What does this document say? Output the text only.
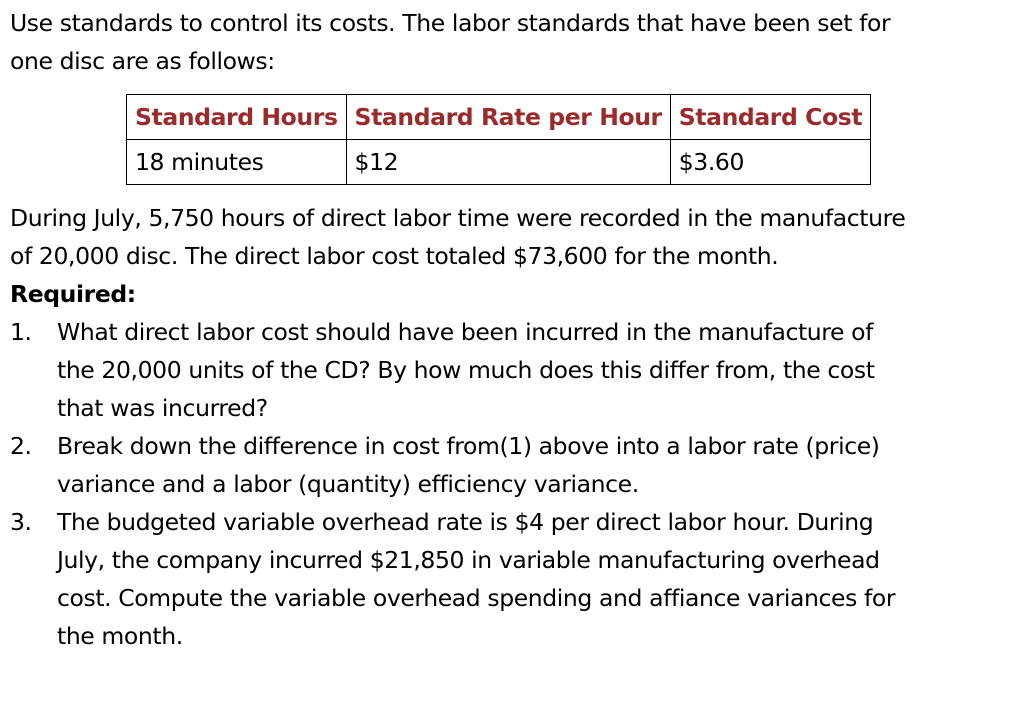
Use standards to control its costs. The labor standards that have been set for
one disc are as follows:

Standard Hours	Standard Rate per Hour	Standard Cost
18 minutes	$12	$3.60

During July, 5,750 hours of direct labor time were recorded in the manufacture
of 20,000 disc. The direct labor cost totaled $73,600 for the month.

Required:

1. What direct labor cost should have been incurred in the manufacture of
the 20,000 units of the CD? By how much does this differ from, the cost
that was incurred?
2. Break down the difference in cost from(1) above into a labor rate (price)
variance and a labor (quantity) efficiency variance.
3. The budgeted variable overhead rate is $4 per direct labor hour. During
July, the company incurred $21,850 in variable manufacturing overhead
cost. Compute the variable overhead spending and affiance variances for
the month.
